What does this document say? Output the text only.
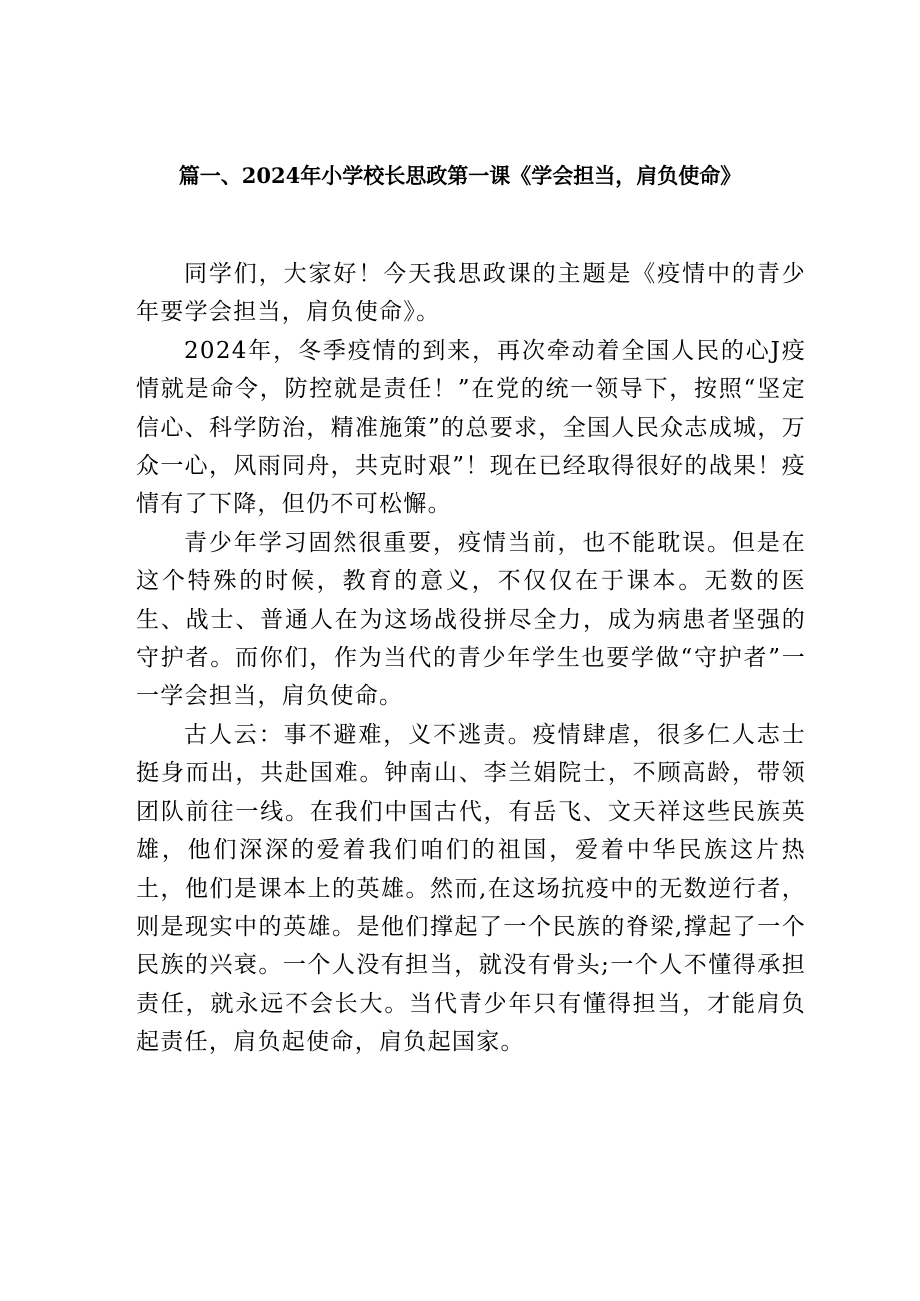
篇一、2024年小学校长思政第一课《学会担当，肩负使命》

同学们，大家好！今天我思政课的主题是《疫情中的青少年要学会担当，肩负使命》。

2024年，冬季疫情的到来，再次牵动着全国人民的心J疫情就是命令，防控就是责任！”在党的统一领导下，按照“坚定信心、科学防治，精准施策”的总要求，全国人民众志成城，万众一心，风雨同舟，共克时艰”！现在已经取得很好的战果！疫情有了下降，但仍不可松懈。

青少年学习固然很重要，疫情当前，也不能耽误。但是在这个特殊的时候，教育的意义，不仅仅在于课本。无数的医生、战士、普通人在为这场战役拼尽全力，成为病患者坚强的守护者。而你们，作为当代的青少年学生也要学做“守护者”一一学会担当，肩负使命。

古人云：事不避难，义不逃责。疫情肆虐，很多仁人志士挺身而出，共赴国难。钟南山、李兰娟院士，不顾高龄，带领团队前往一线。在我们中国古代，有岳飞、文天祥这些民族英雄，他们深深的爱着我们咱们的祖国，爱着中华民族这片热土，他们是课本上的英雄。然而,在这场抗疫中的无数逆行者，则是现实中的英雄。是他们撑起了一个民族的脊梁,撑起了一个民族的兴衰。一个人没有担当，就没有骨头;一个人不懂得承担责任，就永远不会长大。当代青少年只有懂得担当，才能肩负起责任，肩负起使命，肩负起国家。
